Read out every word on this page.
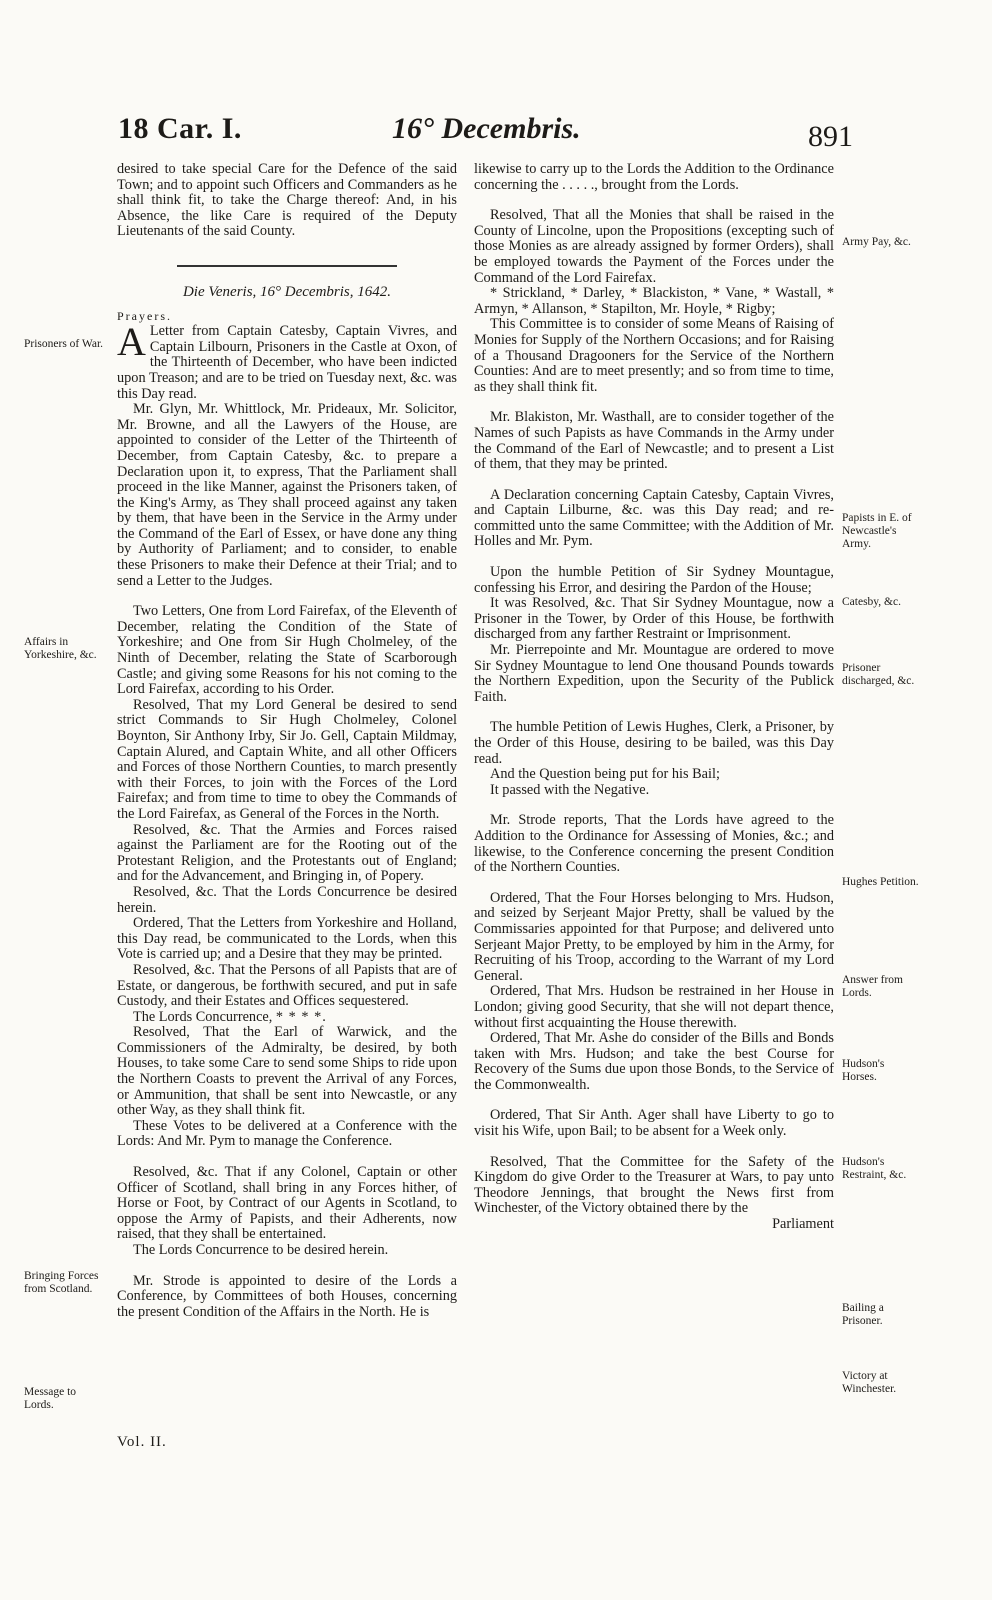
18 Car. I.	16° Decembris.	891

desired to take special Care for the Defence of the said Town; and to appoint such Officers and Commanders as he shall think fit, to take the Charge thereof: And, in his Absence, the like Care is required of the Deputy Lieutenants of the said County.

Die Veneris, 16° Decembris, 1642.

Prayers.

A Letter from Captain Catesby, Captain Vivres, and Captain Lilbourn, Prisoners in the Castle at Oxon, of the Thirteenth of December, who have been indicted upon Treason; and are to be tried on Tuesday next, &c. was this Day read.

Mr. Glyn, Mr. Whittlock, Mr. Prideaux, Mr. Solicitor, Mr. Browne, and all the Lawyers of the House, are appointed to consider of the Letter of the Thirteenth of December, from Captain Catesby, &c. to prepare a Declaration upon it, to express, That the Parliament shall proceed in the like Manner, against the Prisoners taken, of the King's Army, as They shall proceed against any taken by them, that have been in the Service in the Army under the Command of the Earl of Essex, or have done any thing by Authority of Parliament; and to consider, to enable these Prisoners to make their Defence at their Trial; and to send a Letter to the Judges.

Two Letters, One from Lord Fairefax, of the Eleventh of December, relating the Condition of the State of Yorkeshire; and One from Sir Hugh Cholmeley, of the Ninth of December, relating the State of Scarborough Castle; and giving some Reasons for his not coming to the Lord Fairefax, according to his Order.

Resolved, That my Lord General be desired to send strict Commands to Sir Hugh Cholmeley, Colonel Boynton, Sir Anthony Irby, Sir Jo. Gell, Captain Mildmay, Captain Alured, and Captain White, and all other Officers and Forces of those Northern Counties, to march presently with their Forces, to join with the Forces of the Lord Fairefax; and from time to time to obey the Commands of the Lord Fairefax, as General of the Forces in the North.

Resolved, &c. That the Armies and Forces raised against the Parliament are for the Rooting out of the Protestant Religion, and the Protestants out of England; and for the Advancement, and Bringing in, of Popery.

Resolved, &c. That the Lords Concurrence be desired herein.

Ordered, That the Letters from Yorkeshire and Holland, this Day read, be communicated to the Lords, when this Vote is carried up; and a Desire that they may be printed.

Resolved, &c. That the Persons of all Papists that are of Estate, or dangerous, be forthwith secured, and put in safe Custody, and their Estates and Offices sequestered.

The Lords Concurrence, * * * *.

Resolved, That the Earl of Warwick, and the Commissioners of the Admiralty, be desired, by both Houses, to take some Care to send some Ships to ride upon the Northern Coasts to prevent the Arrival of any Forces, or Ammunition, that shall be sent into Newcastle, or any other Way, as they shall think fit.

These Votes to be delivered at a Conference with the Lords: And Mr. Pym to manage the Conference.

Resolved, &c. That if any Colonel, Captain or other Officer of Scotland, shall bring in any Forces hither, of Horse or Foot, by Contract of our Agents in Scotland, to oppose the Army of Papists, and their Adherents, now raised, that they shall be entertained.

The Lords Concurrence to be desired herein.

Mr. Strode is appointed to desire of the Lords a Conference, by Committees of both Houses, concerning the present Condition of the Affairs in the North. He is

Vol. II.

likewise to carry up to the Lords the Addition to the Ordinance concerning the . . . . ., brought from the Lords.

Resolved, That all the Monies that shall be raised in the County of Lincolne, upon the Propositions (excepting such of those Monies as are already assigned by former Orders), shall be employed towards the Payment of the Forces under the Command of the Lord Fairefax.

* Strickland, * Darley, * Blackiston, * Vane, * Wastall, * Armyn, * Allanson, * Stapilton, Mr. Hoyle, * Rigby;

This Committee is to consider of some Means of Raising of Monies for Supply of the Northern Occasions; and for Raising of a Thousand Dragooners for the Service of the Northern Counties: And are to meet presently; and so from time to time, as they shall think fit.

Mr. Blakiston, Mr. Wasthall, are to consider together of the Names of such Papists as have Commands in the Army under the Command of the Earl of Newcastle; and to present a List of them, that they may be printed.

A Declaration concerning Captain Catesby, Captain Vivres, and Captain Lilburne, &c. was this Day read; and re-committed unto the same Committee; with the Addition of Mr. Holles and Mr. Pym.

Upon the humble Petition of Sir Sydney Mountague, confessing his Error, and desiring the Pardon of the House;

It was Resolved, &c. That Sir Sydney Mountague, now a Prisoner in the Tower, by Order of this House, be forthwith discharged from any farther Restraint or Imprisonment.

Mr. Pierrepointe and Mr. Mountague are ordered to move Sir Sydney Mountague to lend One thousand Pounds towards the Northern Expedition, upon the Security of the Publick Faith.

The humble Petition of Lewis Hughes, Clerk, a Prisoner, by the Order of this House, desiring to be bailed, was this Day read.

And the Question being put for his Bail;

It passed with the Negative.

Mr. Strode reports, That the Lords have agreed to the Addition to the Ordinance for Assessing of Monies, &c.; and likewise, to the Conference concerning the present Condition of the Northern Counties.

Ordered, That the Four Horses belonging to Mrs. Hudson, and seized by Serjeant Major Pretty, shall be valued by the Commissaries appointed for that Purpose; and delivered unto Serjeant Major Pretty, to be employed by him in the Army, for Recruiting of his Troop, according to the Warrant of my Lord General.

Ordered, That Mrs. Hudson be restrained in her House in London; giving good Security, that she will not depart thence, without first acquainting the House therewith.

Ordered, That Mr. Ashe do consider of the Bills and Bonds taken with Mrs. Hudson; and take the best Course for Recovery of the Sums due upon those Bonds, to the Service of the Commonwealth.

Ordered, That Sir Anth. Ager shall have Liberty to go to visit his Wife, upon Bail; to be absent for a Week only.

Resolved, That the Committee for the Safety of the Kingdom do give Order to the Treasurer at Wars, to pay unto Theodore Jennings, that brought the News first from Winchester, of the Victory obtained there by the

Parliament

Prisoners of War.
Affairs in Yorkeshire, &c.
Bringing Forces from Scotland.
Message to Lords.
Army Pay, &c.
Papists in E. of Newcastle's Army.
Catesby, &c.
Prisoner discharged, &c.
Hughes Petition.
Answer from Lords.
Hudson's Horses.
Hudson's Restraint, &c.
Bailing a Prisoner.
Victory at Winchester.
